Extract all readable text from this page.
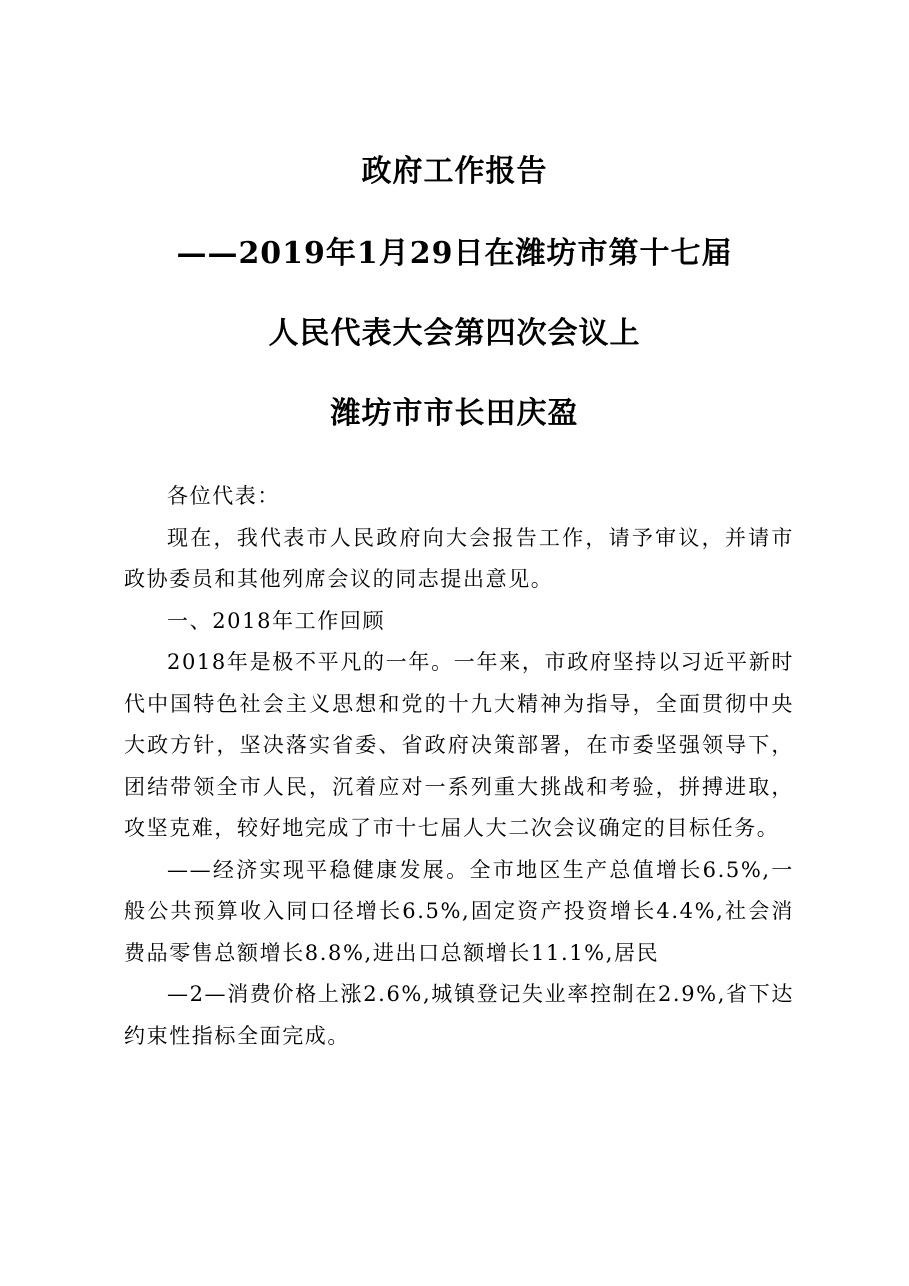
政府工作报告
——2019年1月29日在潍坊市第十七届
人民代表大会第四次会议上
潍坊市市长田庆盈

各位代表：

现在，我代表市人民政府向大会报告工作，请予审议，并请市政协委员和其他列席会议的同志提出意见。

一、2018年工作回顾

2018年是极不平凡的一年。一年来，市政府坚持以习近平新时代中国特色社会主义思想和党的十九大精神为指导，全面贯彻中央大政方针，坚决落实省委、省政府决策部署，在市委坚强领导下，团结带领全市人民，沉着应对一系列重大挑战和考验，拼搏进取，攻坚克难，较好地完成了市十七届人大二次会议确定的目标任务。

——经济实现平稳健康发展。全市地区生产总值增长6.5%,一般公共预算收入同口径增长6.5%,固定资产投资增长4.4%,社会消费品零售总额增长8.8%,进出口总额增长11.1%,居民

—2—消费价格上涨2.6%,城镇登记失业率控制在2.9%,省下达约束性指标全面完成。
